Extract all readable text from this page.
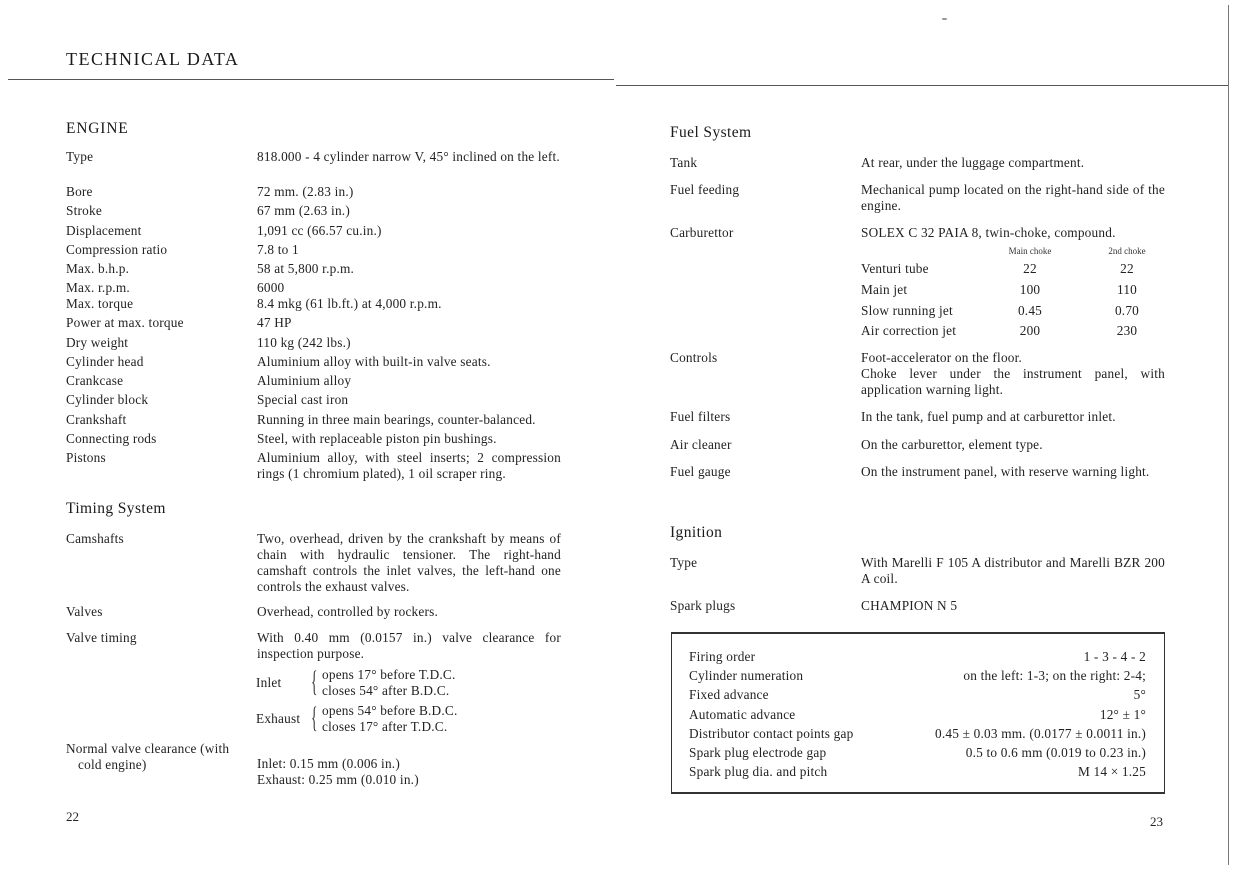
TECHNICAL DATA
ENGINE
Type	818.000 - 4 cylinder narrow V, 45° inclined on the left.
Bore	72 mm. (2.83 in.)
Stroke	67 mm (2.63 in.)
Displacement	1,091 cc (66.57 cu.in.)
Compression ratio	7.8 to 1
Max. b.h.p.	58 at 5,800 r.p.m.
Max. r.p.m.	6000
Max. torque	8.4 mkg (61 lb.ft.) at 4,000 r.p.m.
Power at max. torque	47 HP
Dry weight	110 kg (242 lbs.)
Cylinder head	Aluminium alloy with built-in valve seats.
Crankcase	Aluminium alloy
Cylinder block	Special cast iron
Crankshaft	Running in three main bearings, counter-balanced.
Connecting rods	Steel, with replaceable piston pin bushings.
Pistons	Aluminium alloy, with steel inserts; 2 compression rings (1 chromium plated), 1 oil scraper ring.
Timing System
Camshafts	Two, overhead, driven by the crankshaft by means of chain with hydraulic tensioner. The right-hand camshaft controls the inlet valves, the left-hand one controls the exhaust valves.
Valves	Overhead, controlled by rockers.
Valve timing	With 0.40 mm (0.0157 in.) valve clearance for inspection purpose.
Inlet { opens 17° before T.D.C.
closes 54° after B.D.C.
Exhaust { opens 54° before B.D.C.
closes 17° after T.D.C.
Normal valve clearance (with
cold engine)	Inlet: 0.15 mm (0.006 in.)
Exhaust: 0.25 mm (0.010 in.)
22
Fuel System
Tank	At rear, under the luggage compartment.
Fuel feeding	Mechanical pump located on the right-hand side of the engine.
Carburettor	SOLEX C 32 PAIA 8, twin-choke, compound.
Main choke	2nd choke
Venturi tube	22	22
Main jet	100	110
Slow running jet	0.45	0.70
Air correction jet	200	230
Controls	Foot-accelerator on the floor.
Choke lever under the instrument panel, with application warning light.
Fuel filters	In the tank, fuel pump and at carburettor inlet.
Air cleaner	On the carburettor, element type.
Fuel gauge	On the instrument panel, with reserve warning light.
Ignition
Type	With Marelli F 105 A distributor and Marelli BZR 200 A coil.
Spark plugs	CHAMPION N 5
Firing order	1 - 3 - 4 - 2
Cylinder numeration	on the left: 1-3; on the right: 2-4;
Fixed advance	5°
Automatic advance	12° ± 1°
Distributor contact points gap	0.45 ± 0.03 mm. (0.0177 ± 0.0011 in.)
Spark plug electrode gap	0.5 to 0.6 mm (0.019 to 0.23 in.)
Spark plug dia. and pitch	M 14 × 1.25
23
